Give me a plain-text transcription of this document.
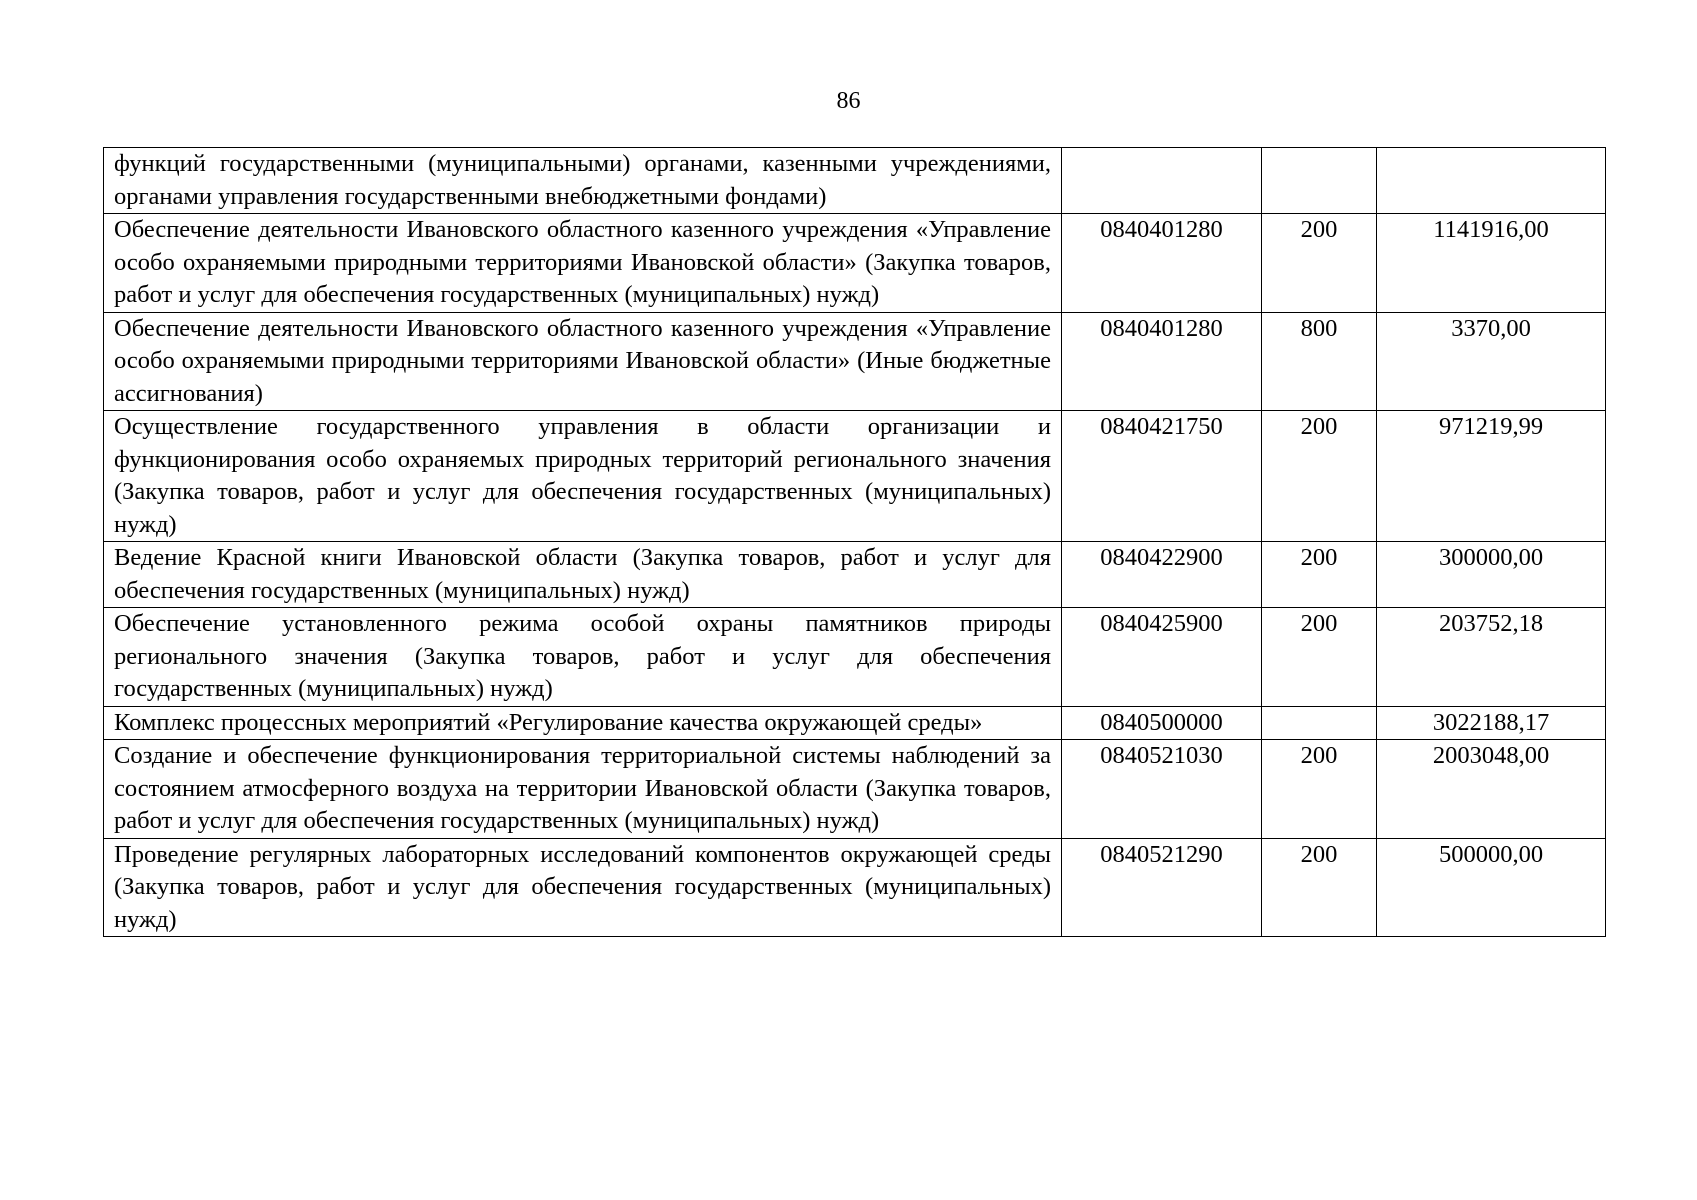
86
функций государственными (муниципальными) органами, казенными учреждениями, органами управления государственными внебюджетными фондами)			
Обеспечение деятельности Ивановского областного казенного учреждения «Управление особо охраняемыми природными территориями Ивановской области» (Закупка товаров, работ и услуг для обеспечения государственных (муниципальных) нужд)	0840401280	200	1141916,00
Обеспечение деятельности Ивановского областного казенного учреждения «Управление особо охраняемыми природными территориями Ивановской области» (Иные бюджетные ассигнования)	0840401280	800	3370,00
Осуществление государственного управления в области организации и функционирования особо охраняемых природных территорий регионального значения (Закупка товаров, работ и услуг для обеспечения государственных (муниципальных) нужд)	0840421750	200	971219,99
Ведение Красной книги Ивановской области (Закупка товаров, работ и услуг для обеспечения государственных (муниципальных) нужд)	0840422900	200	300000,00
Обеспечение установленного режима особой охраны памятников природы регионального значения (Закупка товаров, работ и услуг для обеспечения государственных (муниципальных) нужд)	0840425900	200	203752,18
Комплекс процессных мероприятий «Регулирование качества окружающей среды»	0840500000		3022188,17
Создание и обеспечение функционирования территориальной системы наблюдений за состоянием атмосферного воздуха на территории Ивановской области (Закупка товаров, работ и услуг для обеспечения государственных (муниципальных) нужд)	0840521030	200	2003048,00
Проведение регулярных лабораторных исследований компонентов окружающей среды (Закупка товаров, работ и услуг для обеспечения государственных (муниципальных) нужд)	0840521290	200	500000,00
